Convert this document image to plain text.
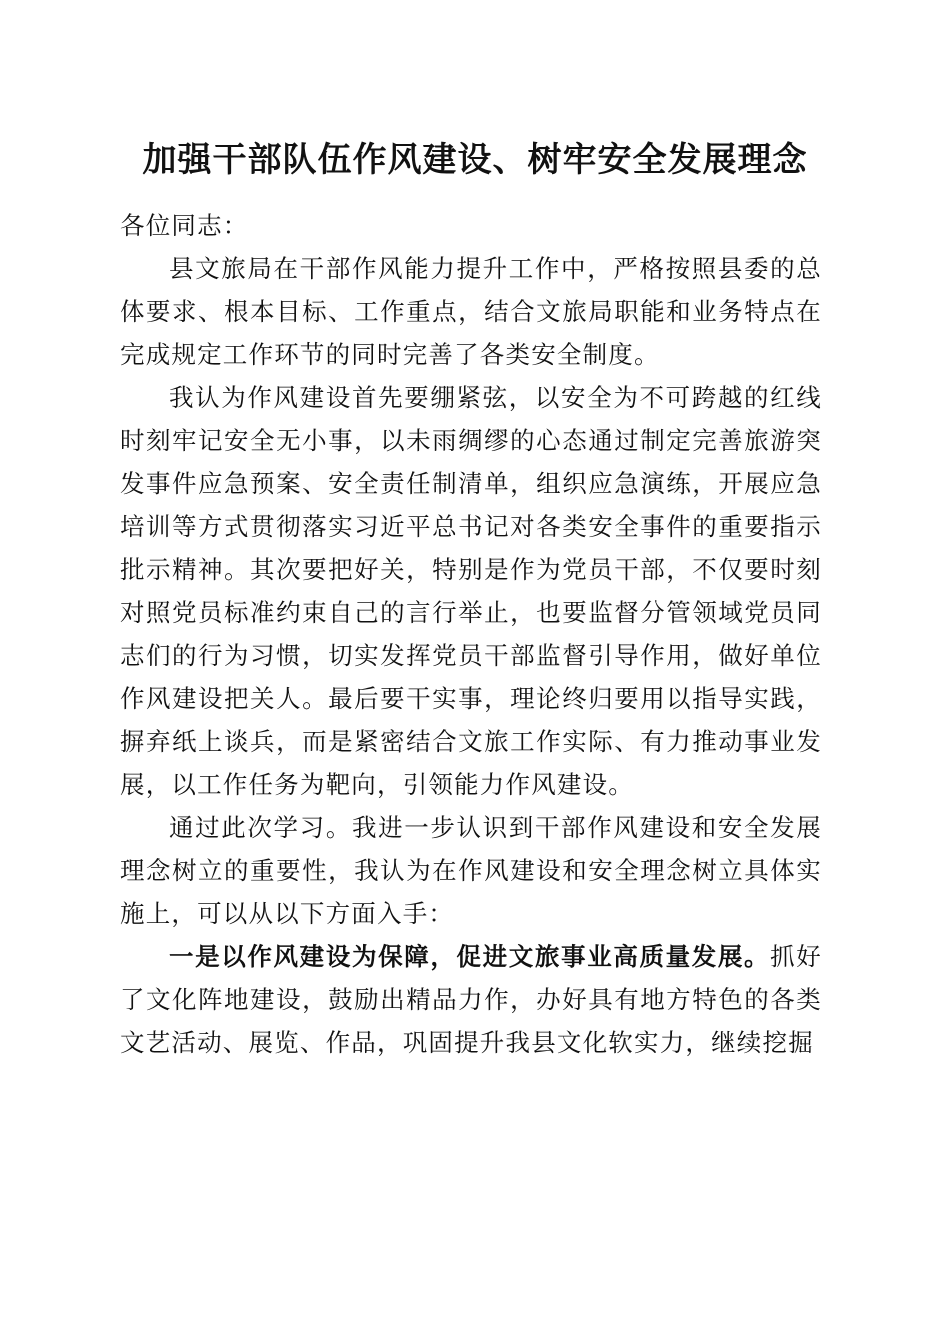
加强干部队伍作风建设、树牢安全发展理念

各位同志：

县文旅局在干部作风能力提升工作中，严格按照县委的总体要求、根本目标、工作重点，结合文旅局职能和业务特点在完成规定工作环节的同时完善了各类安全制度。

我认为作风建设首先要绷紧弦，以安全为不可跨越的红线时刻牢记安全无小事，以未雨绸缪的心态通过制定完善旅游突发事件应急预案、安全责任制清单，组织应急演练，开展应急培训等方式贯彻落实习近平总书记对各类安全事件的重要指示批示精神。其次要把好关，特别是作为党员干部，不仅要时刻对照党员标准约束自己的言行举止，也要监督分管领域党员同志们的行为习惯，切实发挥党员干部监督引导作用，做好单位作风建设把关人。最后要干实事，理论终归要用以指导实践，摒弃纸上谈兵，而是紧密结合文旅工作实际、有力推动事业发展，以工作任务为靶向，引领能力作风建设。

通过此次学习。我进一步认识到干部作风建设和安全发展理念树立的重要性，我认为在作风建设和安全理念树立具体实施上，可以从以下方面入手：

一是以作风建设为保障，促进文旅事业高质量发展。抓好了文化阵地建设，鼓励出精品力作，办好具有地方特色的各类文艺活动、展览、作品，巩固提升我县文化软实力，继续挖掘
